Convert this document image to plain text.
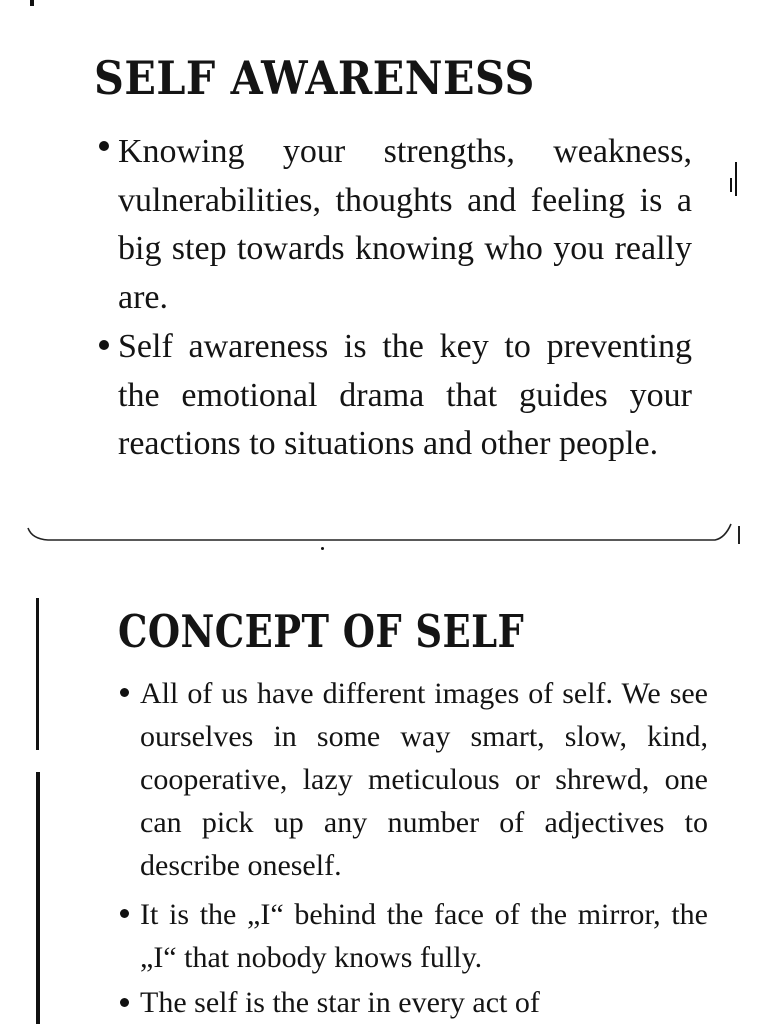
SELF AWARENESS
Knowing your strengths, weakness, vulnerabilities, thoughts and feeling is a big step towards knowing who you really are.
Self awareness is the key to preventing the emotional drama that guides your reactions to situations and other people.
CONCEPT OF SELF
All of us have different images of self. We see ourselves in some way smart, slow, kind, cooperative, lazy meticulous or shrewd, one can pick up any number of adjectives to describe oneself.
It is the „I“ behind the face of the mirror, the „I“ that nobody knows fully.
The self is the star in every act of
